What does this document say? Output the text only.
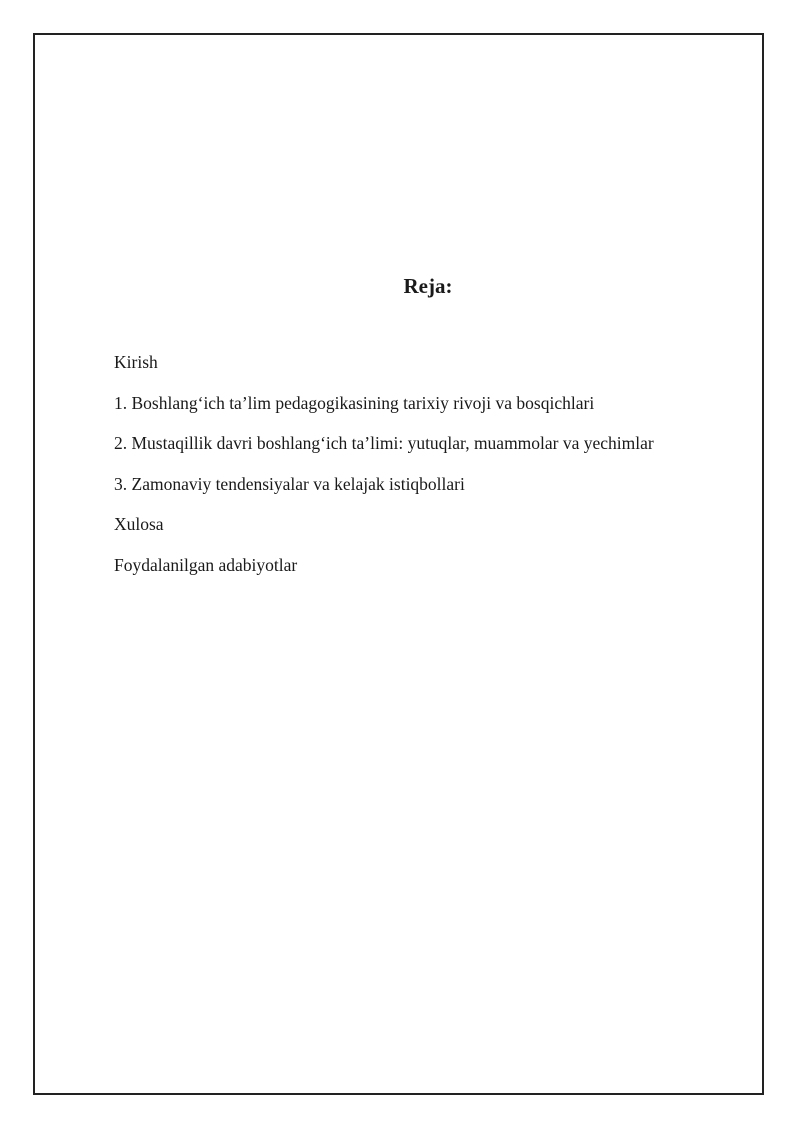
Reja:
Kirish
1. Boshlang‘ich ta’lim pedagogikasining tarixiy rivoji va bosqichlari
2. Mustaqillik davri boshlang‘ich ta’limi: yutuqlar, muammolar va yechimlar
3. Zamonaviy tendensiyalar va kelajak istiqbollari
Xulosa
Foydalanilgan adabiyotlar
